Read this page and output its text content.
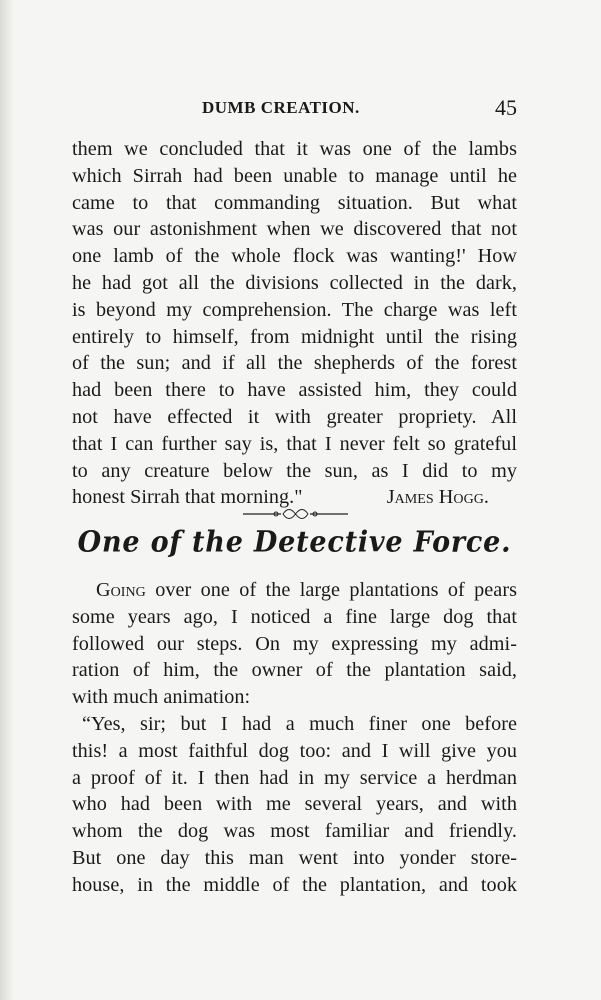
DUMB CREATION.	45
them we concluded that it was one of the lambs
which Sirrah had been unable to manage until he
came to that commanding situation. But what
was our astonishment when we discovered that not
one lamb of the whole flock was wanting!' How
he had got all the divisions collected in the dark,
is beyond my comprehension. The charge was left
entirely to himself, from midnight until the rising
of the sun; and if all the shepherds of the forest
had been there to have assisted him, they could
not have effected it with greater propriety. All
that I can further say is, that I never felt so grateful
to any creature below the sun, as I did to my
honest Sirrah that morning."	James Hogg.
One of the Detective Force.
Going over one of the large plantations of pears
some years ago, I noticed a fine large dog that
followed our steps. On my expressing my admi-
ration of him, the owner of the plantation said,
with much animation:
“Yes, sir; but I had a much finer one before
this! a most faithful dog too: and I will give you
a proof of it. I then had in my service a herdman
who had been with me several years, and with
whom the dog was most familiar and friendly.
But one day this man went into yonder store-
house, in the middle of the plantation, and took
